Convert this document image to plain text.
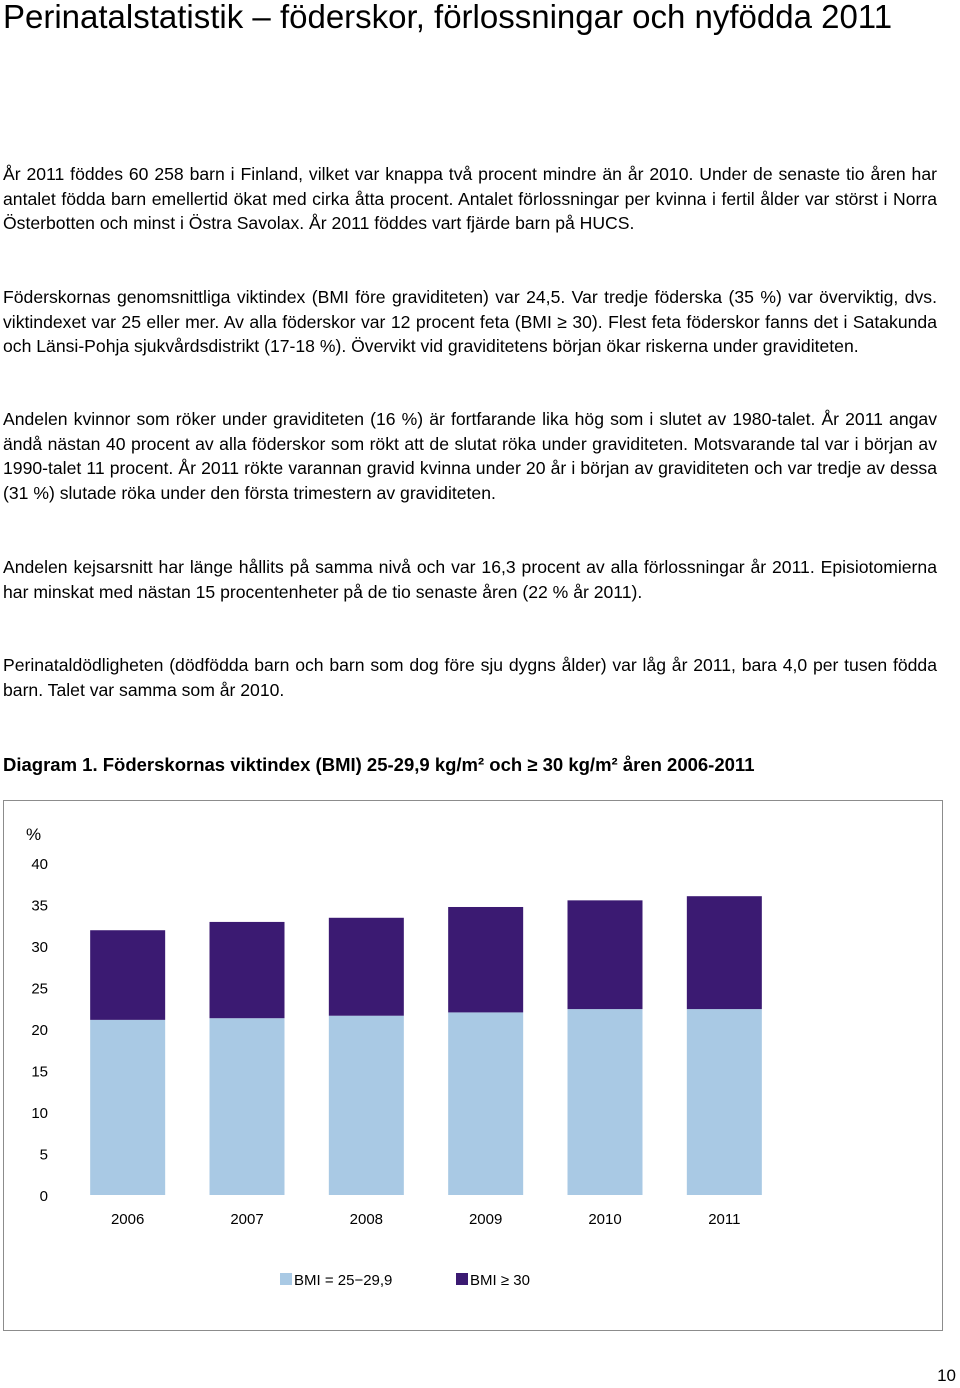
Perinatalstatistik – föderskor, förlossningar och nyfödda 2011

År 2011 föddes 60 258 barn i Finland, vilket var knappa två procent mindre än år 2010. Under de senaste tio åren har antalet födda barn emellertid ökat med cirka åtta procent. Antalet förlossningar per kvinna i fertil ålder var störst i Norra Österbotten och minst i Östra Savolax. År 2011 föddes vart fjärde barn på HUCS.

Föderskornas genomsnittliga viktindex (BMI före graviditeten) var 24,5. Var tredje föderska (35 %) var överviktig, dvs. viktindexet var 25 eller mer. Av alla föderskor var 12 procent feta (BMI ≥ 30). Flest feta föderskor fanns det i Satakunda och Länsi-Pohja sjukvårdsdistrikt (17-18 %). Övervikt vid graviditetens början ökar riskerna under graviditeten.

Andelen kvinnor som röker under graviditeten (16 %) är fortfarande lika hög som i slutet av 1980-talet. År 2011 angav ändå nästan 40 procent av alla föderskor som rökt att de slutat röka under graviditeten. Motsvarande tal var i början av 1990-talet 11 procent. År 2011 rökte varannan gravid kvinna under 20 år i början av graviditeten och var tredje av dessa (31 %) slutade röka under den första trimestern av graviditeten.

Andelen kejsarsnitt har länge hållits på samma nivå och var 16,3 procent av alla förlossningar år 2011. Episiotomierna har minskat med nästan 15 procentenheter på de tio senaste åren (22 % år 2011).

Perinataldödligheten (dödfödda barn och barn som dog före sju dygns ålder) var låg år 2011, bara 4,0 per tusen födda barn. Talet var samma som år 2010.

Diagram 1. Föderskornas viktindex (BMI) 25-29,9 kg/m² och ≥ 30 kg/m² åren 2006-2011
%
0
5
10
15
20
25
30
35
40
2006	2007	2008	2009	2010	2011
BMI = 25−29,9	BMI ≥ 30
10
